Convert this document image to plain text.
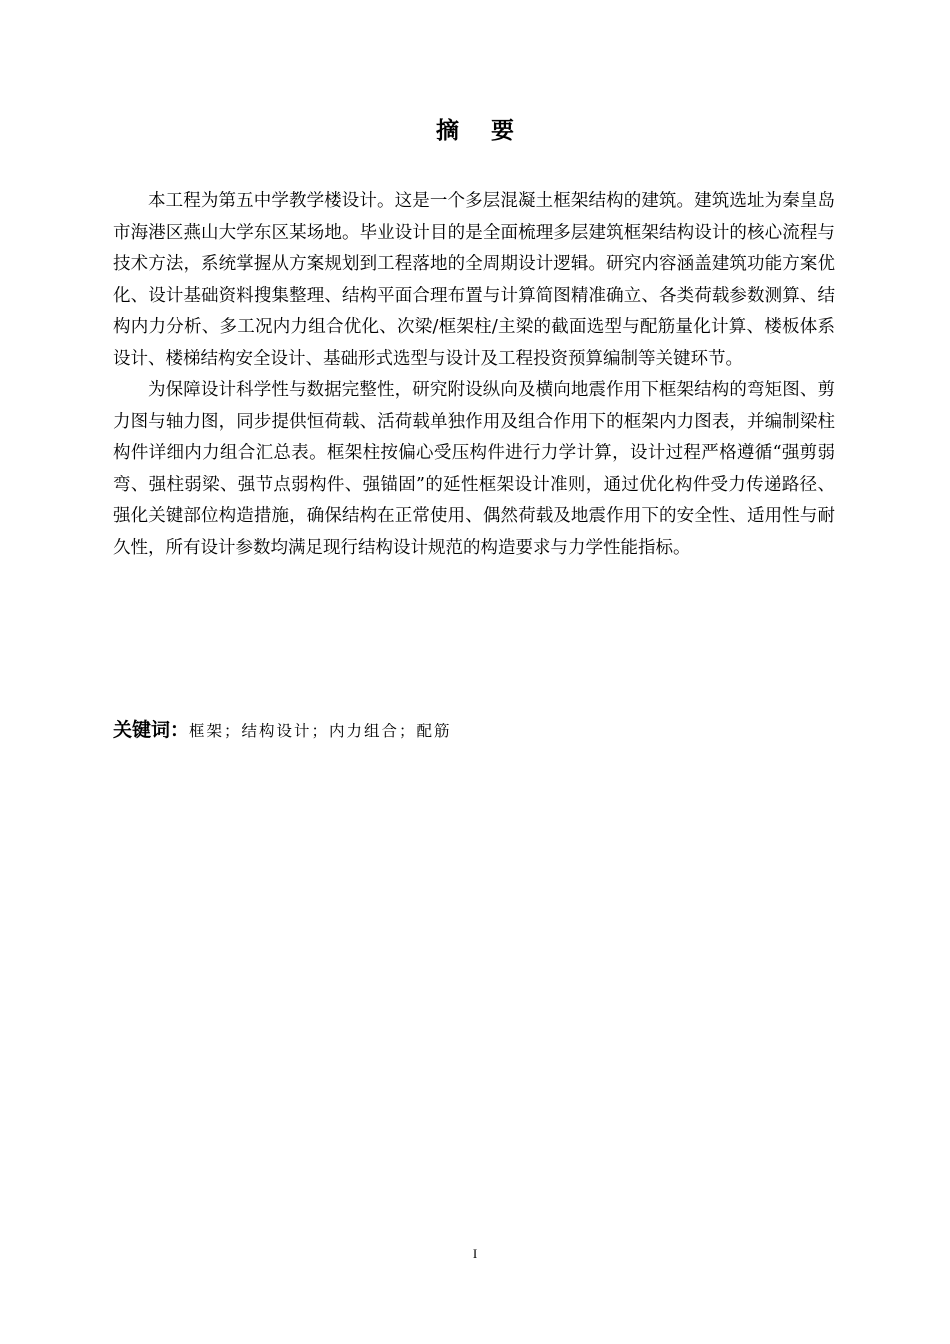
摘要

本工程为第五中学教学楼设计。这是一个多层混凝土框架结构的建筑。建筑选址为秦皇岛市海港区燕山大学东区某场地。毕业设计目的是全面梳理多层建筑框架结构设计的核心流程与技术方法，系统掌握从方案规划到工程落地的全周期设计逻辑。研究内容涵盖建筑功能方案优化、设计基础资料搜集整理、结构平面合理布置与计算简图精准确立、各类荷载参数测算、结构内力分析、多工况内力组合优化、次梁/框架柱/主梁的截面选型与配筋量化计算、楼板体系设计、楼梯结构安全设计、基础形式选型与设计及工程投资预算编制等关键环节。

为保障设计科学性与数据完整性，研究附设纵向及横向地震作用下框架结构的弯矩图、剪力图与轴力图，同步提供恒荷载、活荷载单独作用及组合作用下的框架内力图表，并编制梁柱构件详细内力组合汇总表。框架柱按偏心受压构件进行力学计算，设计过程严格遵循“强剪弱弯、强柱弱梁、强节点弱构件、强锚固”的延性框架设计准则，通过优化构件受力传递路径、强化关键部位构造措施，确保结构在正常使用、偶然荷载及地震作用下的安全性、适用性与耐久性，所有设计参数均满足现行结构设计规范的构造要求与力学性能指标。

关键词：框架；结构设计；内力组合；配筋
I
